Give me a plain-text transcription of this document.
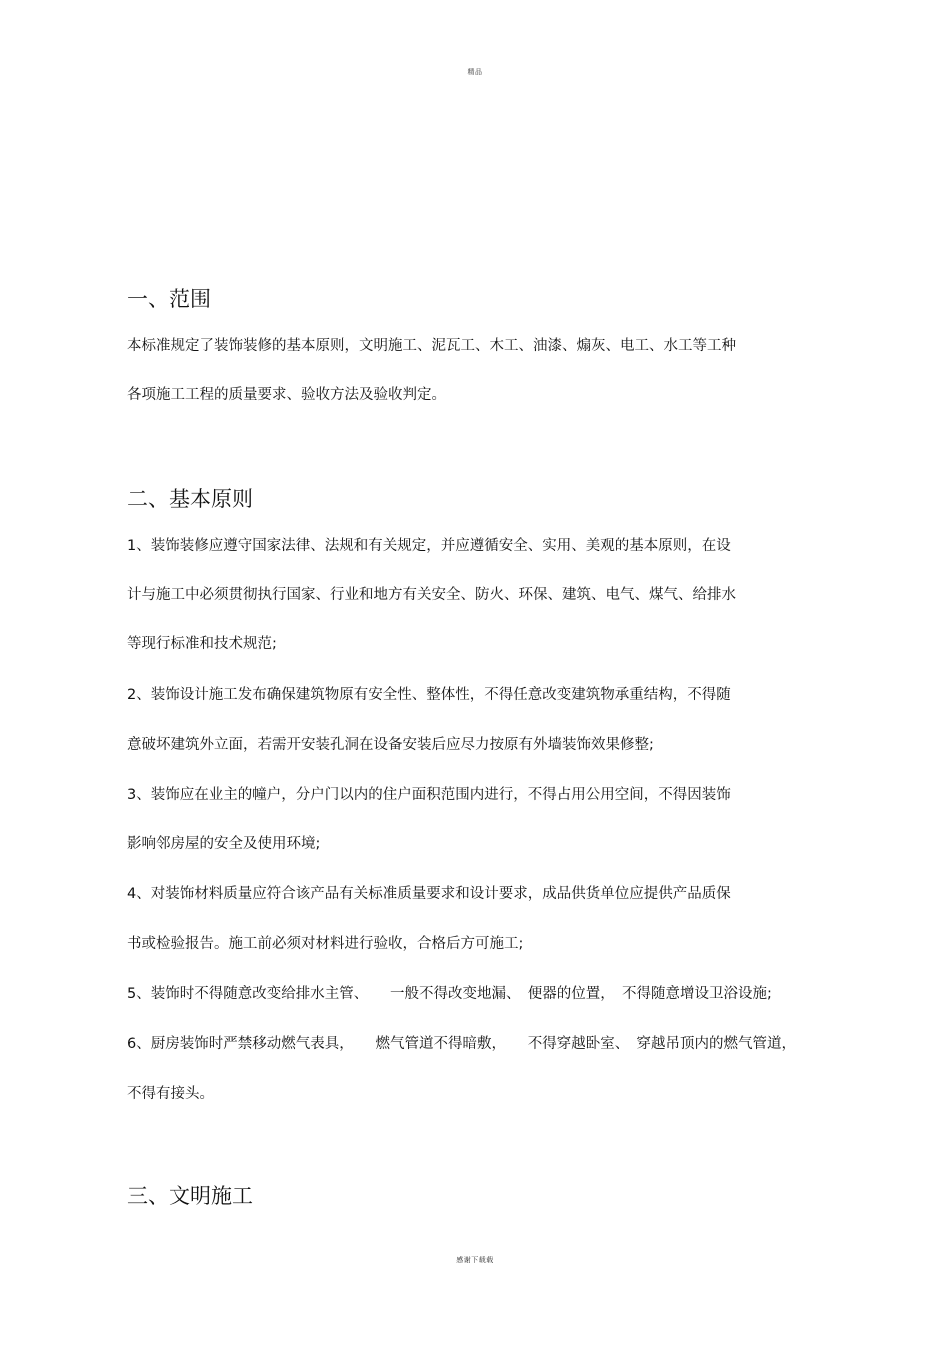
精品
一、范围
本标准规定了装饰装修的基本原则，文明施工、泥瓦工、木工、油漆、煽灰、电工、水工等工种
各项施工工程的质量要求、验收方法及验收判定。
二、基本原则
1、装饰装修应遵守国家法律、法规和有关规定，并应遵循安全、实用、美观的基本原则，在设
计与施工中必须贯彻执行国家、行业和地方有关安全、防火、环保、建筑、电气、煤气、给排水
等现行标准和技术规范;
2、装饰设计施工发布确保建筑物原有安全性、整体性，不得任意改变建筑物承重结构，不得随
意破坏建筑外立面，若需开安装孔洞在设备安装后应尽力按原有外墙装饰效果修整;
3、装饰应在业主的幢户，分户门以内的住户面积范围内进行，不得占用公用空间，不得因装饰
影响邻房屋的安全及使用环境;
4、对装饰材料质量应符合该产品有关标准质量要求和设计要求，成品供货单位应提供产品质保
书或检验报告。施工前必须对材料进行验收，合格后方可施工;
5、装饰时不得随意改变给排水主管、　　一般不得改变地漏、　便器的位置，　不得随意增设卫浴设施;
6、厨房装饰时严禁移动燃气表具，　　燃气管道不得暗敷，　　不得穿越卧室、　穿越吊顶内的燃气管道，
不得有接头。
三、文明施工
感谢下载载
